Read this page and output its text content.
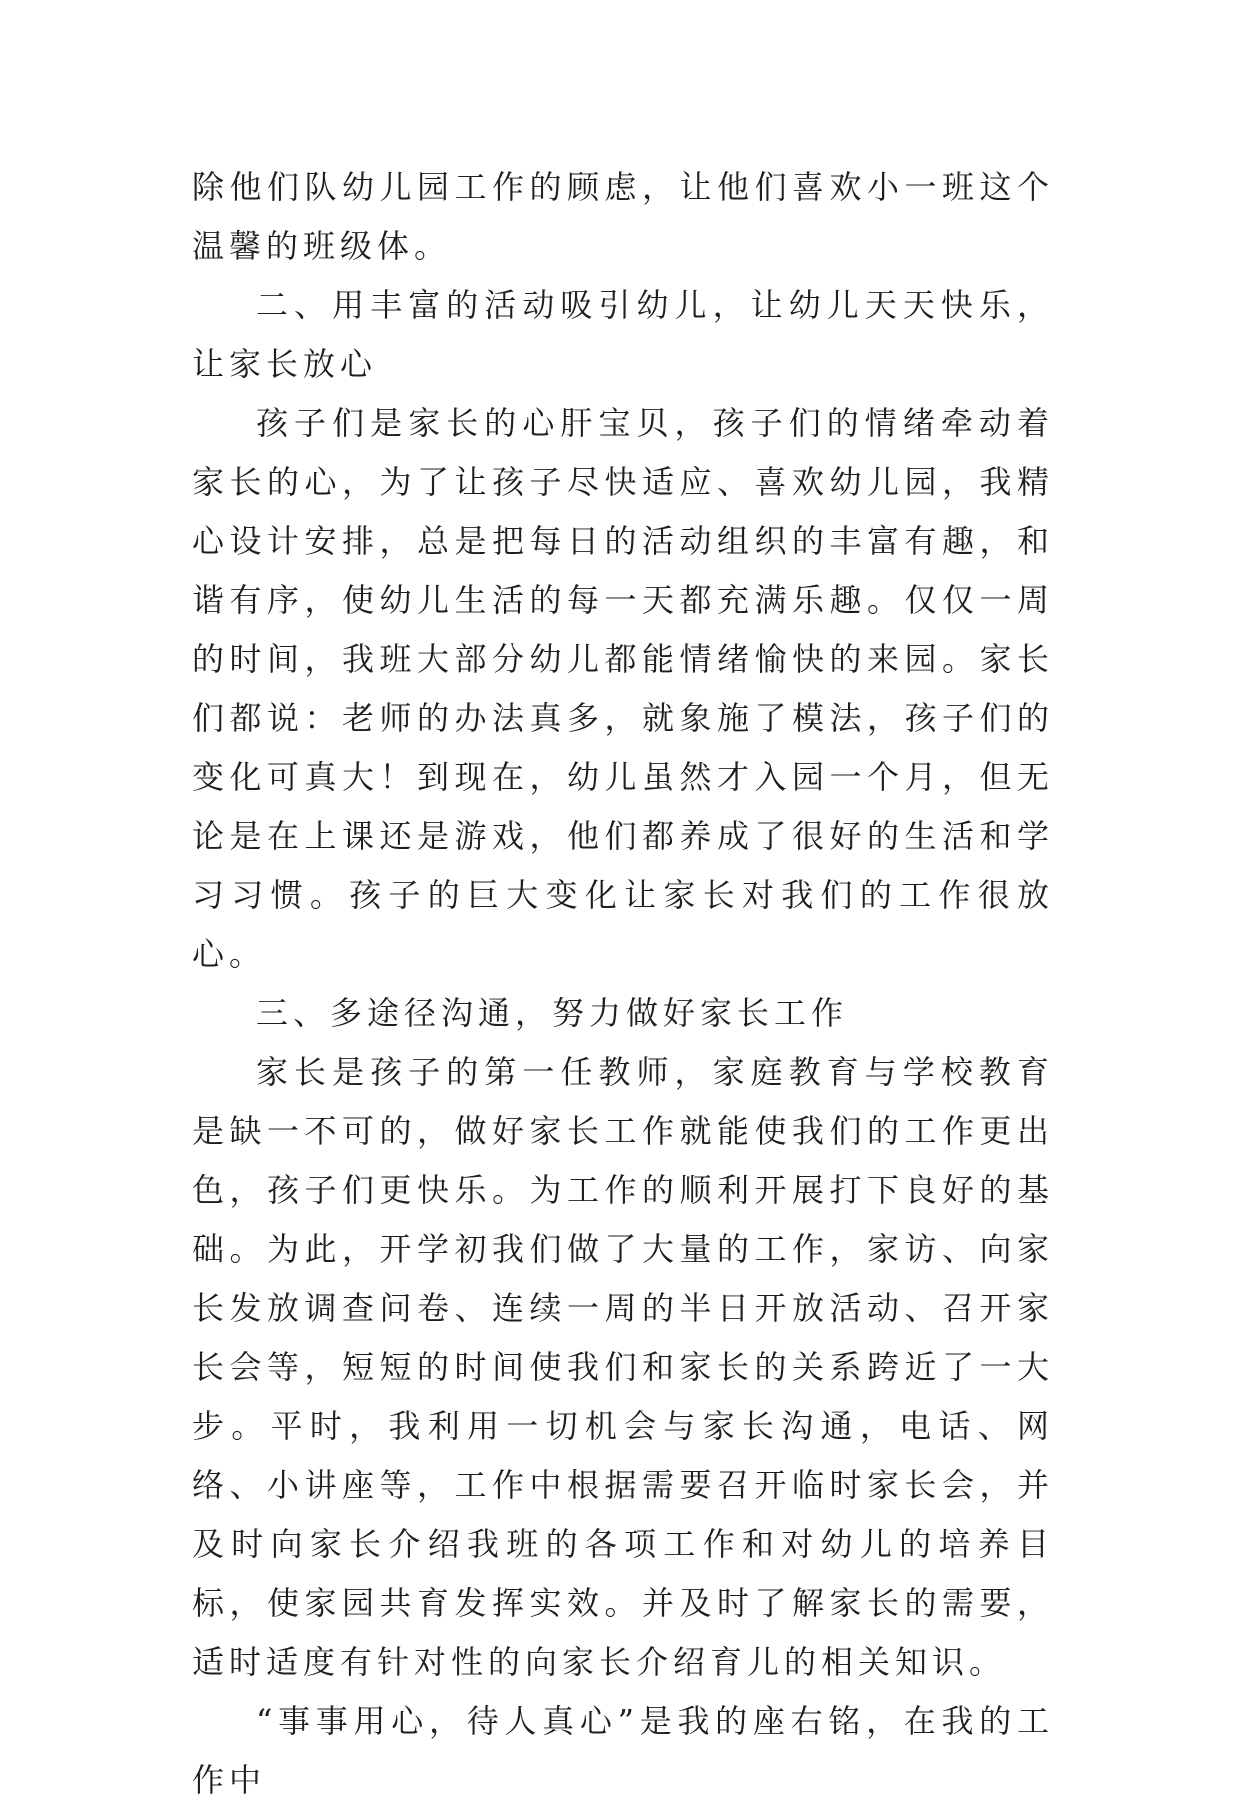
除他们队幼儿园工作的顾虑，让他们喜欢小一班这个温馨的班级体。

二、用丰富的活动吸引幼儿，让幼儿天天快乐，让家长放心

孩子们是家长的心肝宝贝，孩子们的情绪牵动着家长的心，为了让孩子尽快适应、喜欢幼儿园，我精心设计安排，总是把每日的活动组织的丰富有趣，和谐有序，使幼儿生活的每一天都充满乐趣。仅仅一周的时间，我班大部分幼儿都能情绪愉快的来园。家长们都说：老师的办法真多，就象施了模法，孩子们的变化可真大！到现在，幼儿虽然才入园一个月，但无论是在上课还是游戏，他们都养成了很好的生活和学习习惯。孩子的巨大变化让家长对我们的工作很放心。

三、多途径沟通，努力做好家长工作

家长是孩子的第一任教师，家庭教育与学校教育是缺一不可的，做好家长工作就能使我们的工作更出色，孩子们更快乐。为工作的顺利开展打下良好的基础。为此，开学初我们做了大量的工作，家访、向家长发放调查问卷、连续一周的半日开放活动、召开家长会等，短短的时间使我们和家长的关系跨近了一大步。平时，我利用一切机会与家长沟通，电话、网络、小讲座等，工作中根据需要召开临时家长会，并及时向家长介绍我班的各项工作和对幼儿的培养目标，使家园共育发挥实效。并及时了解家长的需要，适时适度有针对性的向家长介绍育儿的相关知识。

“事事用心，待人真心”是我的座右铭，在我的工作中
